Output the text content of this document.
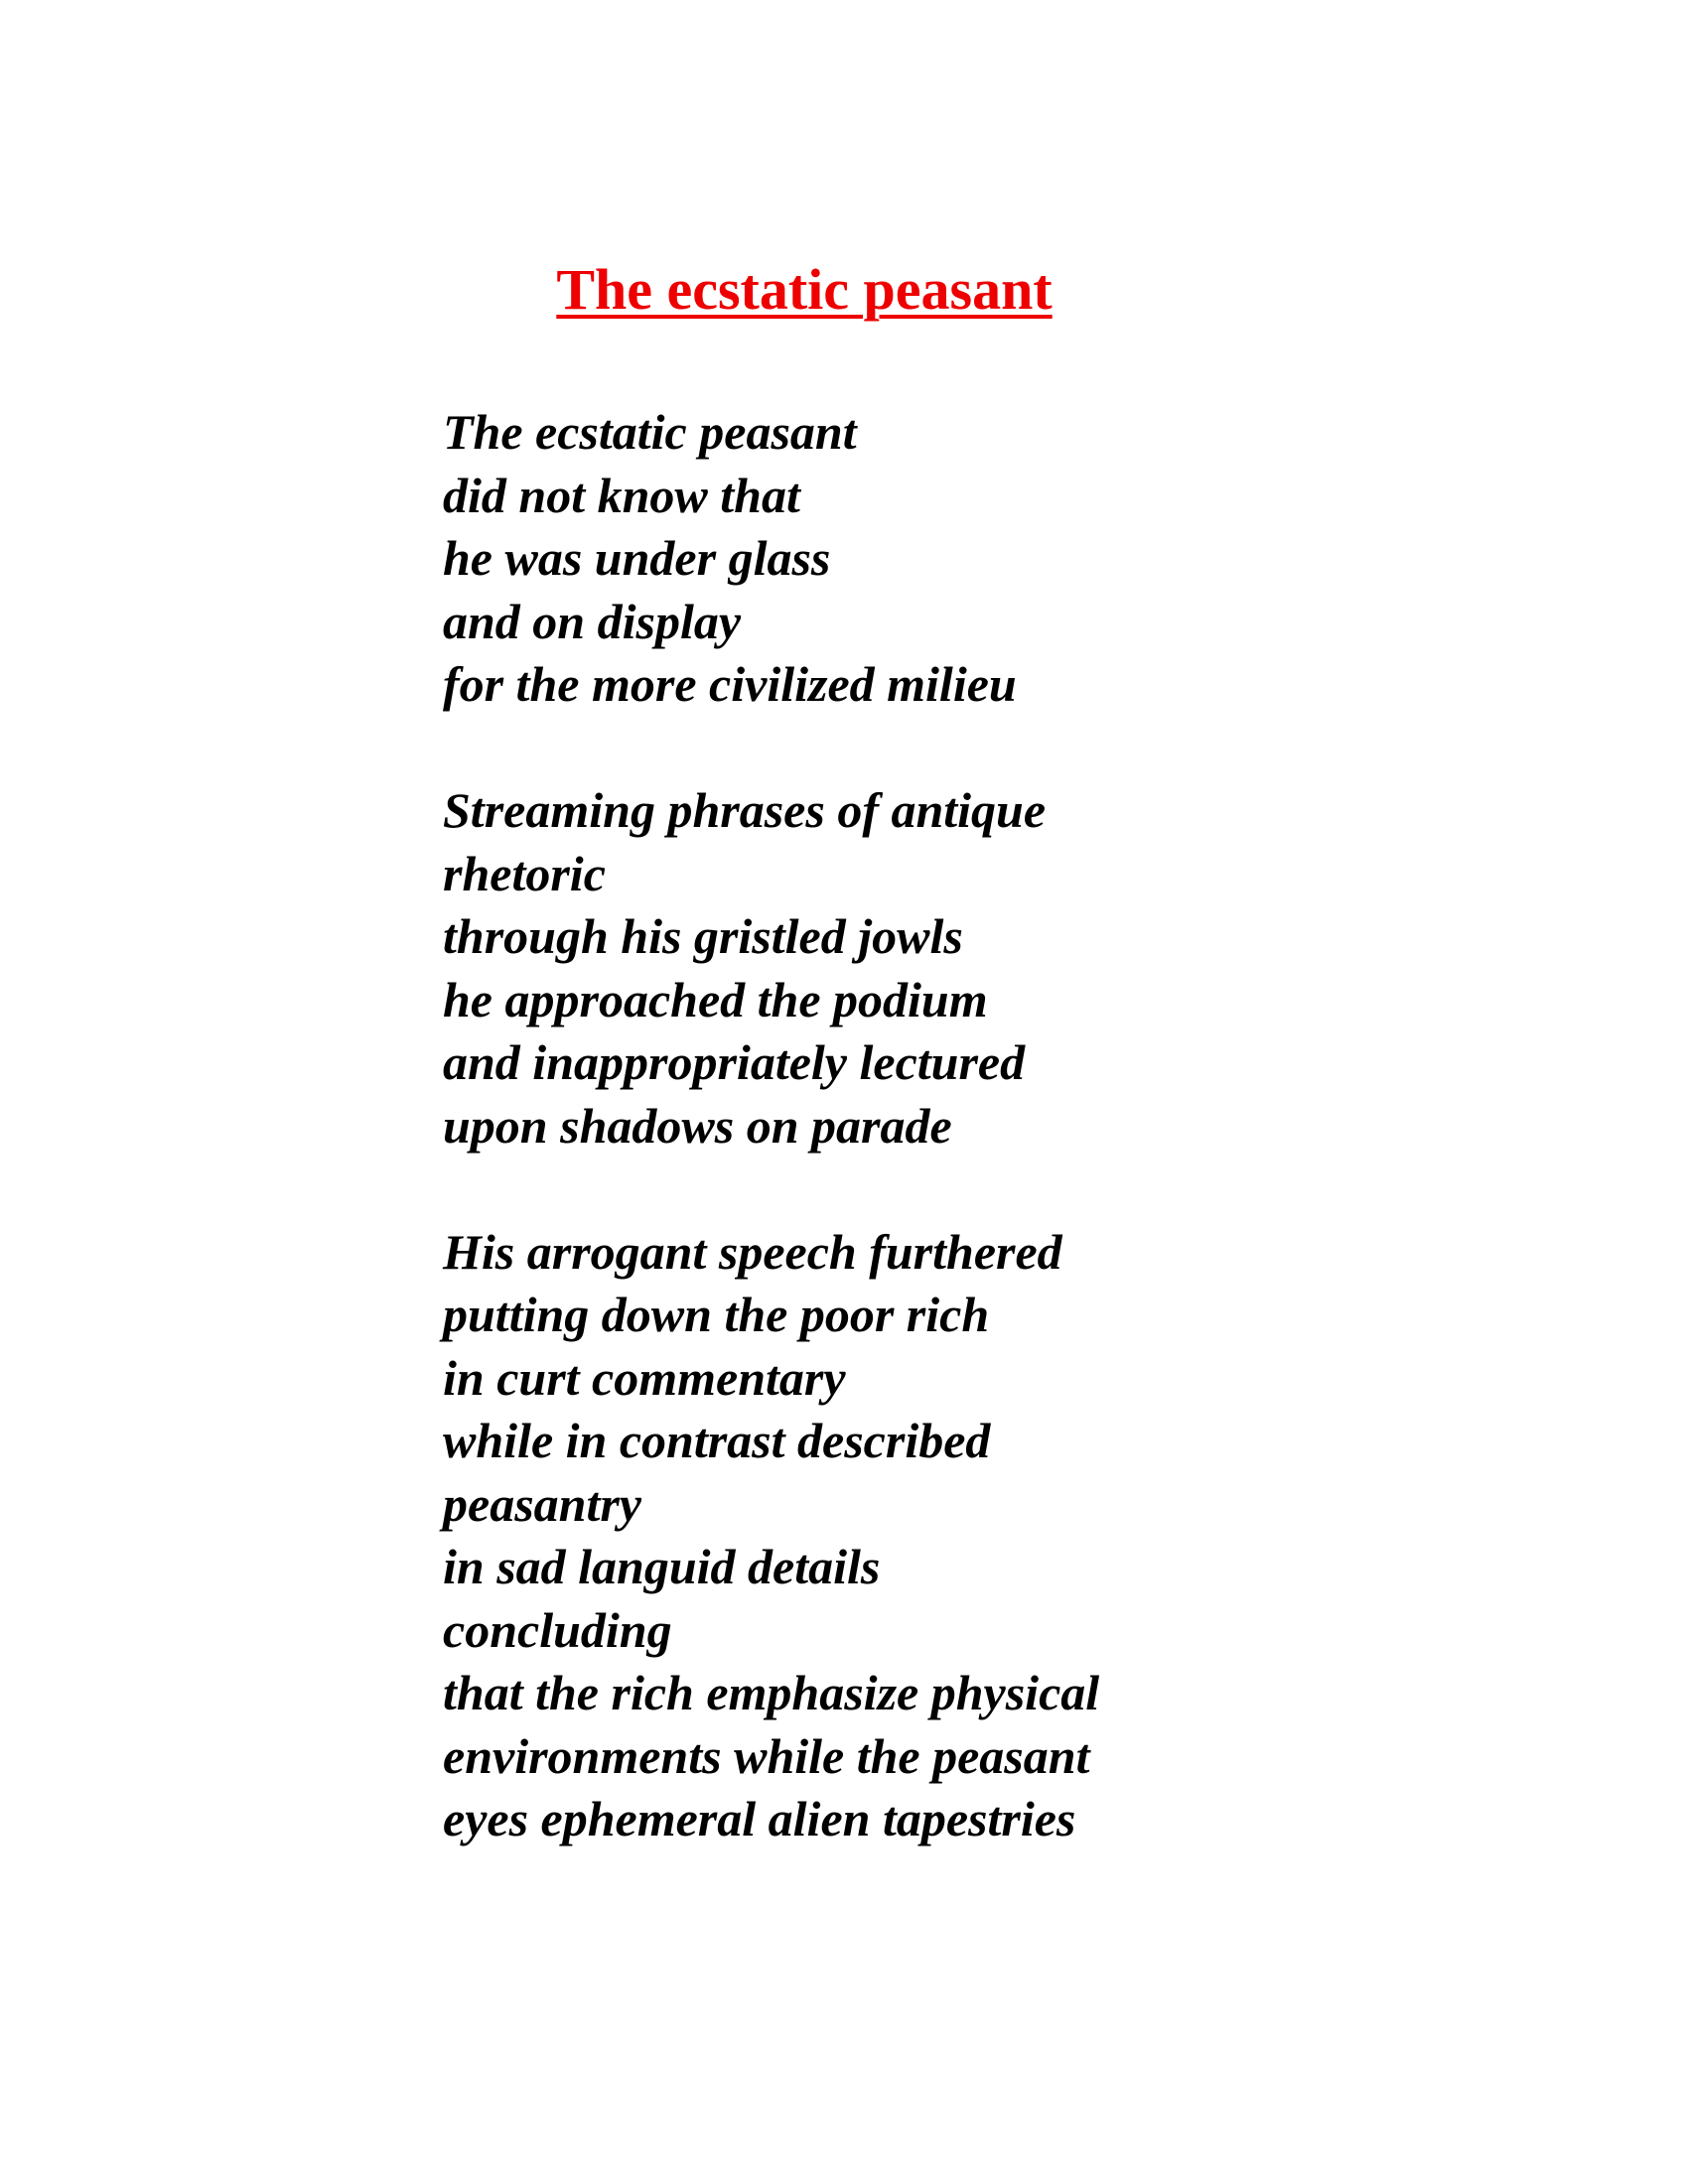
The ecstatic peasant
The ecstatic peasant
did not know that
he was under glass
and on display
for the more civilized milieu
Streaming phrases of antique
rhetoric
through his gristled jowls
he approached the podium
and inappropriately lectured
upon shadows on parade
His arrogant speech furthered
putting down the poor rich
in curt commentary
while in contrast described
peasantry
in sad languid details
concluding
that the rich emphasize physical
environments while the peasant
eyes ephemeral alien tapestries
